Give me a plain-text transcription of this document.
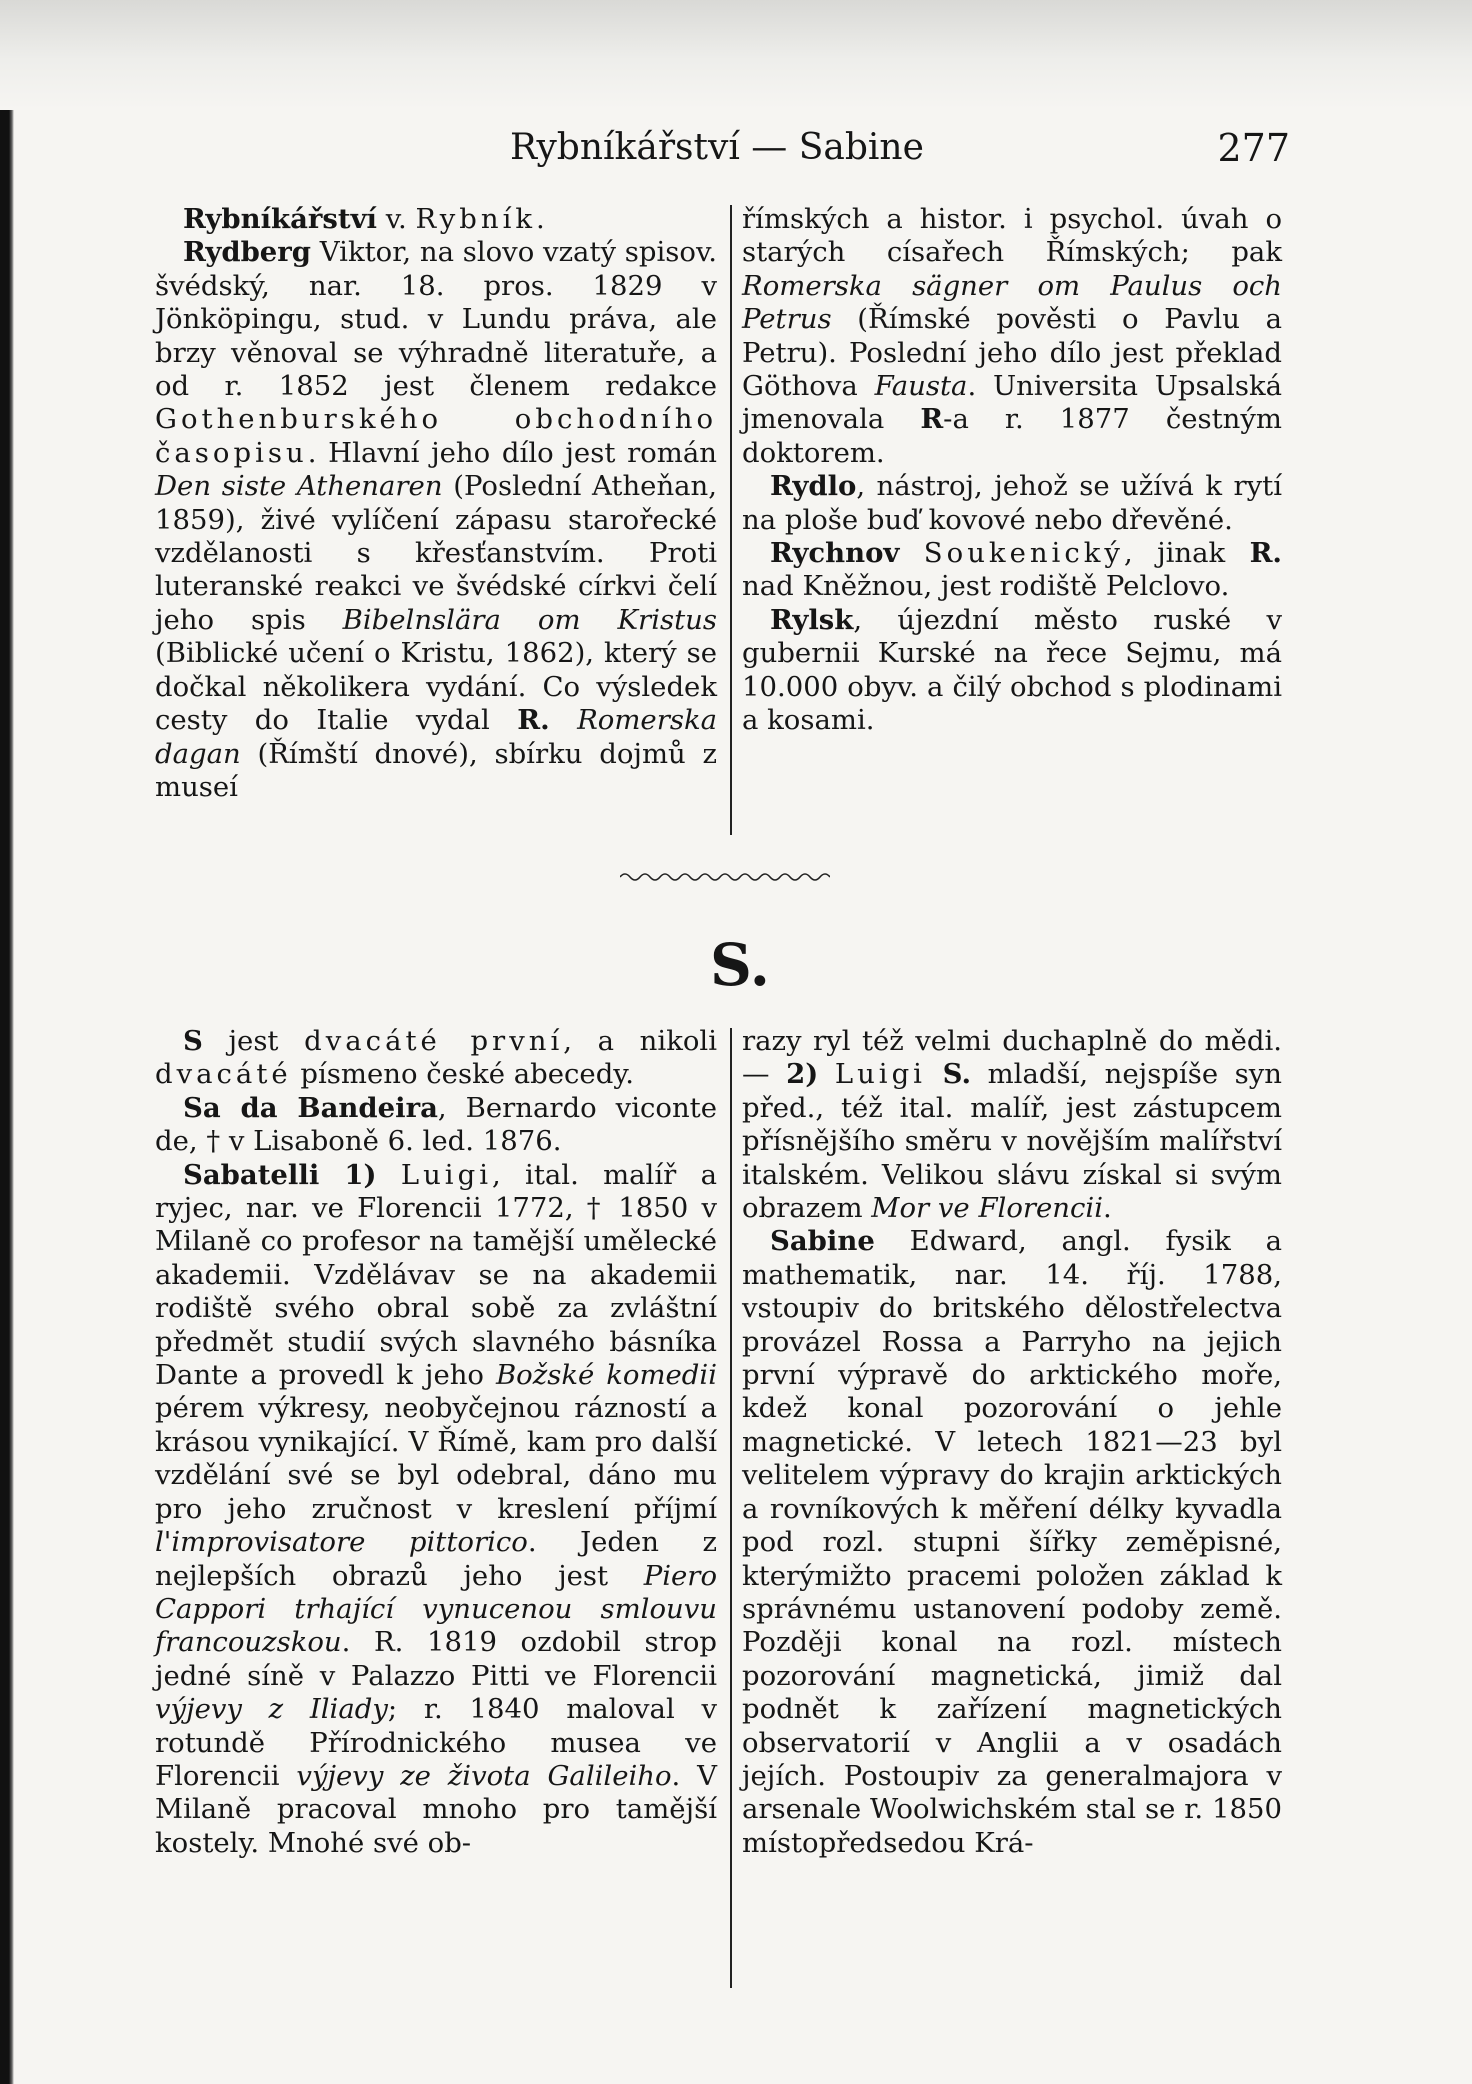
Rybníkářství — Sabine	277

Rybníkářství v. Rybník.

Rydberg Viktor, na slovo vzatý spisov. švédský, nar. 18. pros. 1829 v Jönköpingu, stud. v Lundu práva, ale brzy věnoval se výhradně literatuře, a od r. 1852 jest členem redakce Gothenburského obchodního časopisu. Hlavní jeho dílo jest román Den siste Athenaren (Poslední Atheňan, 1859), živé vylíčení zápasu starořecké vzdělanosti s křesťanstvím. Proti luteranské reakci ve švédské církvi čelí jeho spis Bibelnslära om Kristus (Biblické učení o Kristu, 1862), který se dočkal několikera vydání. Co výsledek cesty do Italie vydal R. Romerska dagan (Římští dnové), sbírku dojmů z museí

římských a histor. i psychol. úvah o starých císařech Římských; pak Romerska sägner om Paulus och Petrus (Římské pověsti o Pavlu a Petru). Poslední jeho dílo jest překlad Göthova Fausta. Universita Upsalská jmenovala R-a r. 1877 čestným doktorem.

Rydlo, nástroj, jehož se užívá k rytí na ploše buď kovové nebo dřevěné.

Rychnov Soukenický, jinak R. nad Kněžnou, jest rodiště Pelclovo.

Rylsk, újezdní město ruské v gubernii Kurské na řece Sejmu, má 10.000 obyv. a čilý obchod s plodinami a kosami.

S.

S jest dvacáté první, a nikoli dvacáté písmeno české abecedy.

Sa da Bandeira, Bernardo viconte de, † v Lisaboně 6. led. 1876.

Sabatelli 1) Luigi, ital. malíř a ryjec, nar. ve Florencii 1772, † 1850 v Milaně co profesor na tamější umělecké akademii. Vzdělávav se na akademii rodiště svého obral sobě za zvláštní předmět studií svých slavného básníka Dante a provedl k jeho Božské komedii pérem výkresy, neobyčejnou rázností a krásou vynikající. V Římě, kam pro další vzdělání své se byl odebral, dáno mu pro jeho zručnost v kreslení příjmí l'improvisatore pittorico. Jeden z nejlepších obrazů jeho jest Piero Cappori trhající vynucenou smlouvu francouzskou. R. 1819 ozdobil strop jedné síně v Palazzo Pitti ve Florencii výjevy z Iliady; r. 1840 maloval v rotundě Přírodnického musea ve Florencii výjevy ze života Galileiho. V Milaně pracoval mnoho pro tamější kostely. Mnohé své ob-

razy ryl též velmi duchaplně do mědi. — 2) Luigi S. mladší, nejspíše syn před., též ital. malíř, jest zástupcem přísnějšího směru v novějším malířství italském. Velikou slávu získal si svým obrazem Mor ve Florencii.

Sabine Edward, angl. fysik a mathematik, nar. 14. říj. 1788, vstoupiv do britského dělostřelectva provázel Rossa a Parryho na jejich první výpravě do arktického moře, kdež konal pozorování o jehle magnetické. V letech 1821—23 byl velitelem výpravy do krajin arktických a rovníkových k měření délky kyvadla pod rozl. stupni šířky zeměpisné, kterýmižto pracemi položen základ k správnému ustanovení podoby země. Později konal na rozl. místech pozorování magnetická, jimiž dal podnět k zařízení magnetických observatorií v Anglii a v osadách jejích. Postoupiv za generalmajora v arsenale Woolwichském stal se r. 1850 místopředsedou Krá-
